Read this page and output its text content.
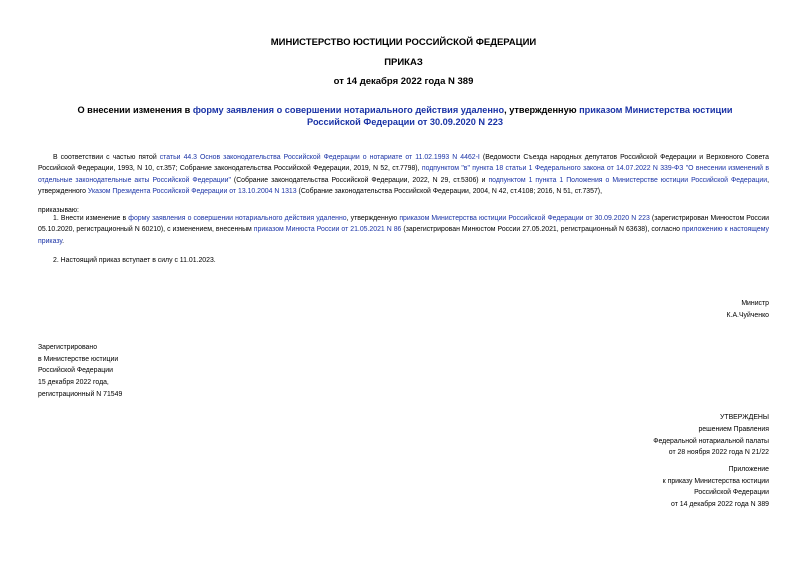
МИНИСТЕРСТВО ЮСТИЦИИ РОССИЙСКОЙ ФЕДЕРАЦИИ
ПРИКАЗ
от 14 декабря 2022 года N 389
О внесении изменения в форму заявления о совершении нотариального действия удаленно, утвержденную приказом Министерства юстиции Российской Федерации от 30.09.2020 N 223
В соответствии с частью пятой статьи 44.3 Основ законодательства Российской Федерации о нотариате от 11.02.1993 N 4462-I (Ведомости Съезда народных депутатов Российской Федерации и Верховного Совета Российской Федерации, 1993, N 10, ст.357; Собрание законодательства Российской Федерации, 2019, N 52, ст.7798), подпунктом "в" пункта 18 статьи 1 Федерального закона от 14.07.2022 N 339-ФЗ "О внесении изменений в отдельные законодательные акты Российской Федерации" (Собрание законодательства Российской Федерации, 2022, N 29, ст.5306) и подпунктом 1 пункта 1 Положения о Министерстве юстиции Российской Федерации, утвержденного Указом Президента Российской Федерации от 13.10.2004 N 1313 (Собрание законодательства Российской Федерации, 2004, N 42, ст.4108; 2016, N 51, ст.7357),
приказываю:
1. Внести изменение в форму заявления о совершении нотариального действия удаленно, утвержденную приказом Министерства юстиции Российской Федерации от 30.09.2020 N 223 (зарегистрирован Минюстом России 05.10.2020, регистрационный N 60210), с изменением, внесенным приказом Минюста России от 21.05.2021 N 86 (зарегистрирован Минюстом России 27.05.2021, регистрационный N 63638), согласно приложению к настоящему приказу.
2. Настоящий приказ вступает в силу с 11.01.2023.
Министр
К.А.Чуйченко
Зарегистрировано
в Министерстве юстиции
Российской Федерации
15 декабря 2022 года,
регистрационный N 71549
УТВЕРЖДЕНЫ
решением Правления
Федеральной нотариальной палаты
от 28 ноября 2022 года N 21/22
Приложение
к приказу Министерства юстиции
Российской Федерации
от 14 декабря 2022 года N 389
